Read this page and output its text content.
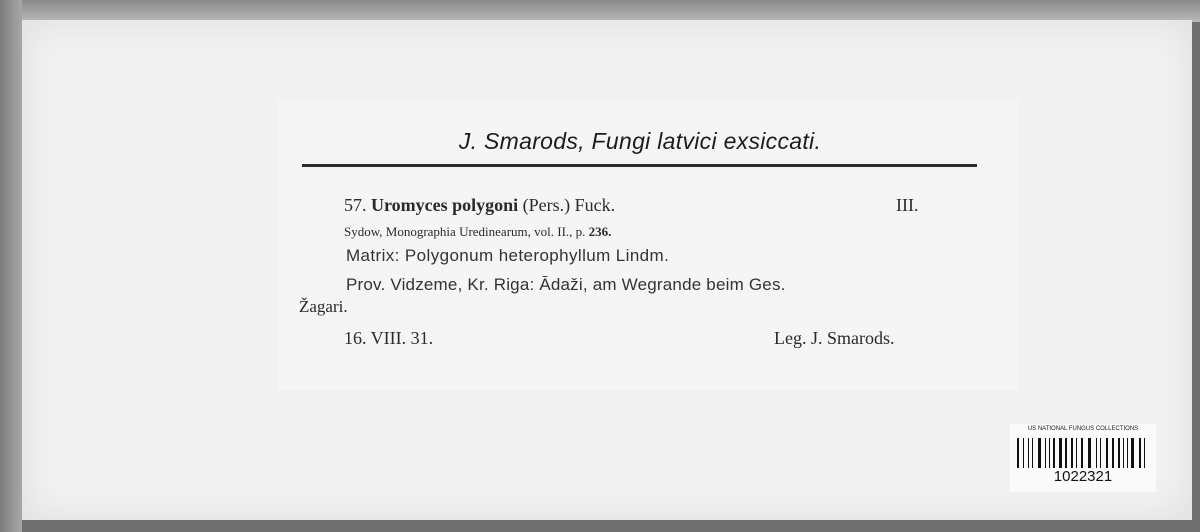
J. Smarods, Fungi latvici exsiccati.
57. Uromyces polygoni (Pers.) Fuck.	III.
Sydow, Monographia Uredinearum, vol. II., p. 236.
Matrix: Polygonum heterophyllum Lindm.
Prov. Vidzeme, Kr. Riga: Ādaži, am Wegrande beim Ges.
Žagari.
16. VIII. 31.	Leg. J. Smarods.
US NATIONAL FUNGUS COLLECTIONS
1022321
